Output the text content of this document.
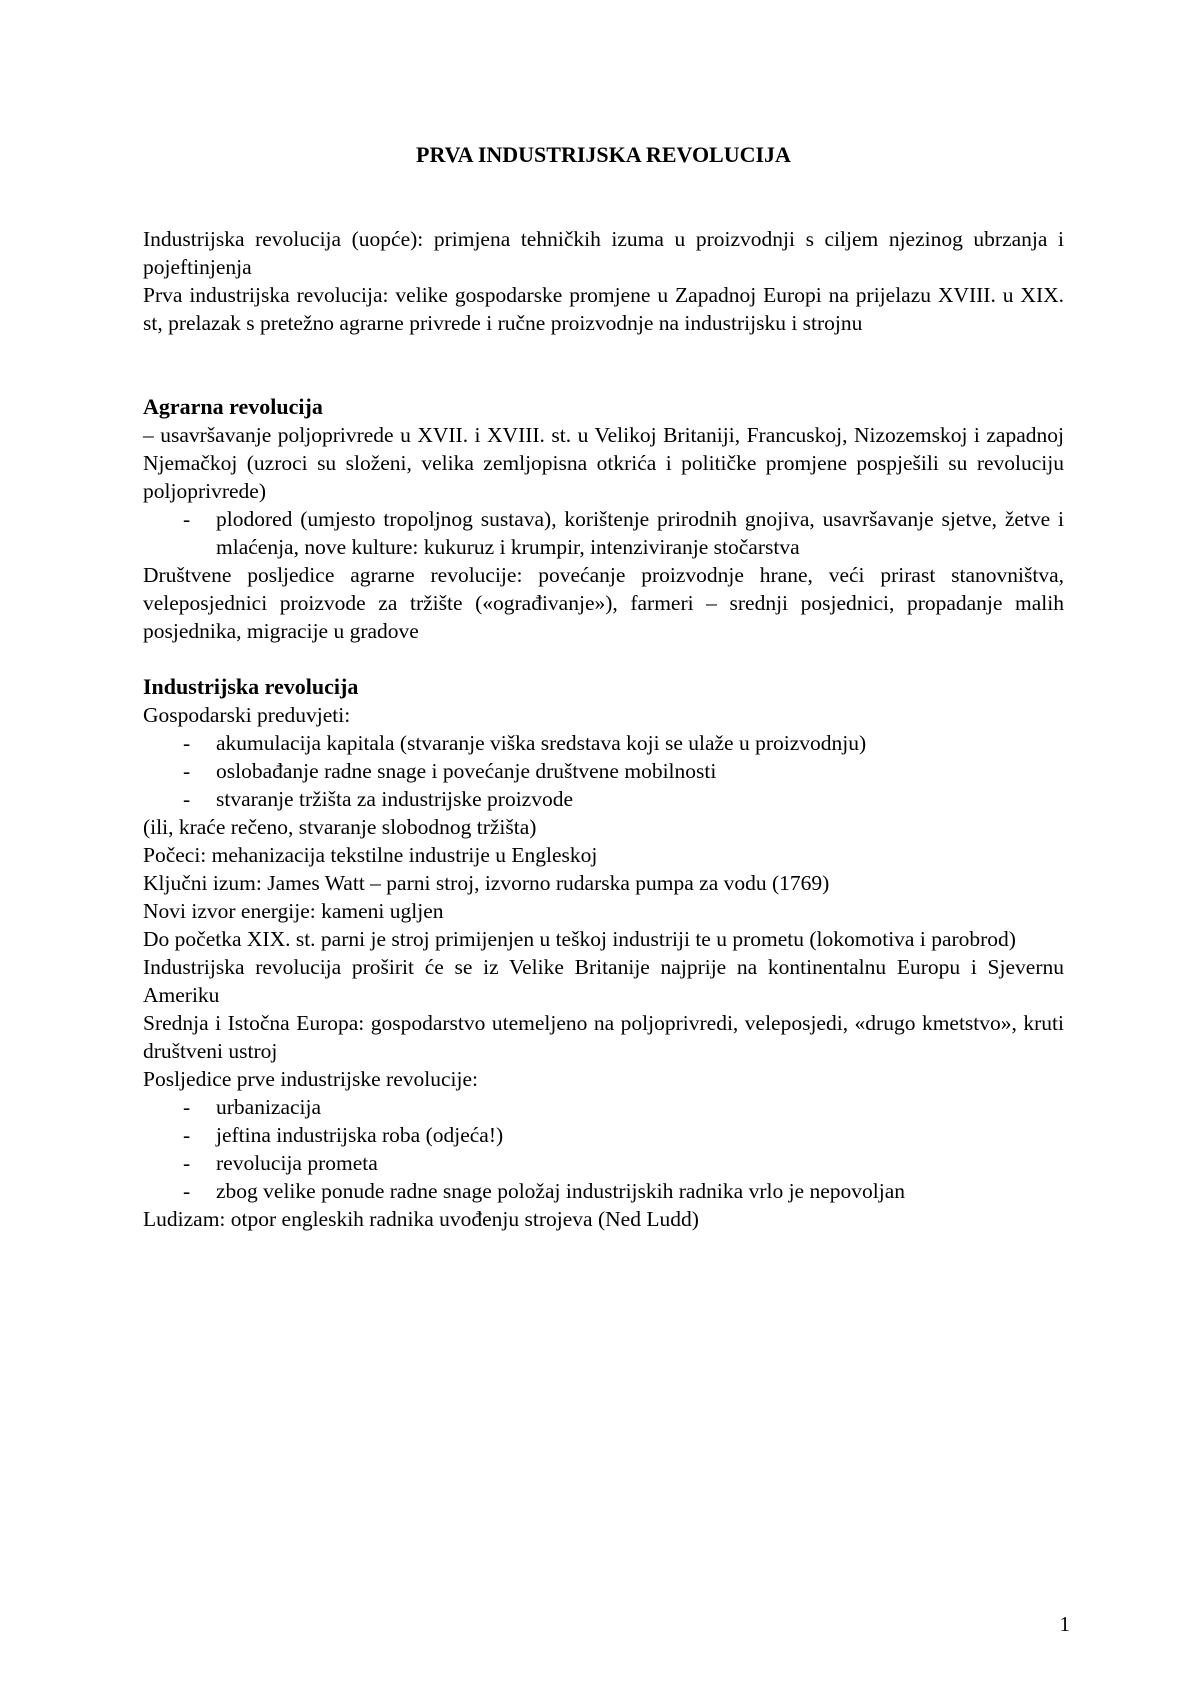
PRVA INDUSTRIJSKA REVOLUCIJA

Industrijska revolucija (uopće): primjena tehničkih izuma u proizvodnji s ciljem njezinog ubrzanja i pojeftinjenja

Prva industrijska revolucija: velike gospodarske promjene u Zapadnoj Europi na prijelazu XVIII. u XIX. st, prelazak s pretežno agrarne privrede i ručne proizvodnje na industrijsku i strojnu

Agrarna revolucija

– usavršavanje poljoprivrede u XVII. i XVIII. st. u Velikoj Britaniji, Francuskoj, Nizozemskoj i zapadnoj Njemačkoj (uzroci su složeni, velika zemljopisna otkrića i političke promjene pospješili su revoluciju poljoprivrede)

- plodored (umjesto tropoljnog sustava), korištenje prirodnih gnojiva, usavršavanje sjetve, žetve i mlaćenja, nove kulture: kukuruz i krumpir, intenziviranje stočarstva

Društvene posljedice agrarne revolucije: povećanje proizvodnje hrane, veći prirast stanovništva, veleposjednici proizvode za tržište («ograđivanje»), farmeri – srednji posjednici, propadanje malih posjednika, migracije u gradove

Industrijska revolucija

Gospodarski preduvjeti:

- akumulacija kapitala (stvaranje viška sredstava koji se ulaže u proizvodnju)
- oslobađanje radne snage i povećanje društvene mobilnosti
- stvaranje tržišta za industrijske proizvode

(ili, kraće rečeno, stvaranje slobodnog tržišta)

Počeci: mehanizacija tekstilne industrije u Engleskoj

Ključni izum: James Watt – parni stroj, izvorno rudarska pumpa za vodu (1769)

Novi izvor energije: kameni ugljen

Do početka XIX. st. parni je stroj primijenjen u teškoj industriji te u prometu (lokomotiva i parobrod)

Industrijska revolucija proširit će se iz Velike Britanije najprije na kontinentalnu Europu i Sjevernu Ameriku

Srednja i Istočna Europa: gospodarstvo utemeljeno na poljoprivredi, veleposjedi, «drugo kmetstvo», kruti društveni ustroj

Posljedice prve industrijske revolucije:

- urbanizacija
- jeftina industrijska roba (odjeća!)
- revolucija prometa
- zbog velike ponude radne snage položaj industrijskih radnika vrlo je nepovoljan

Ludizam: otpor engleskih radnika uvođenju strojeva (Ned Ludd)

1
